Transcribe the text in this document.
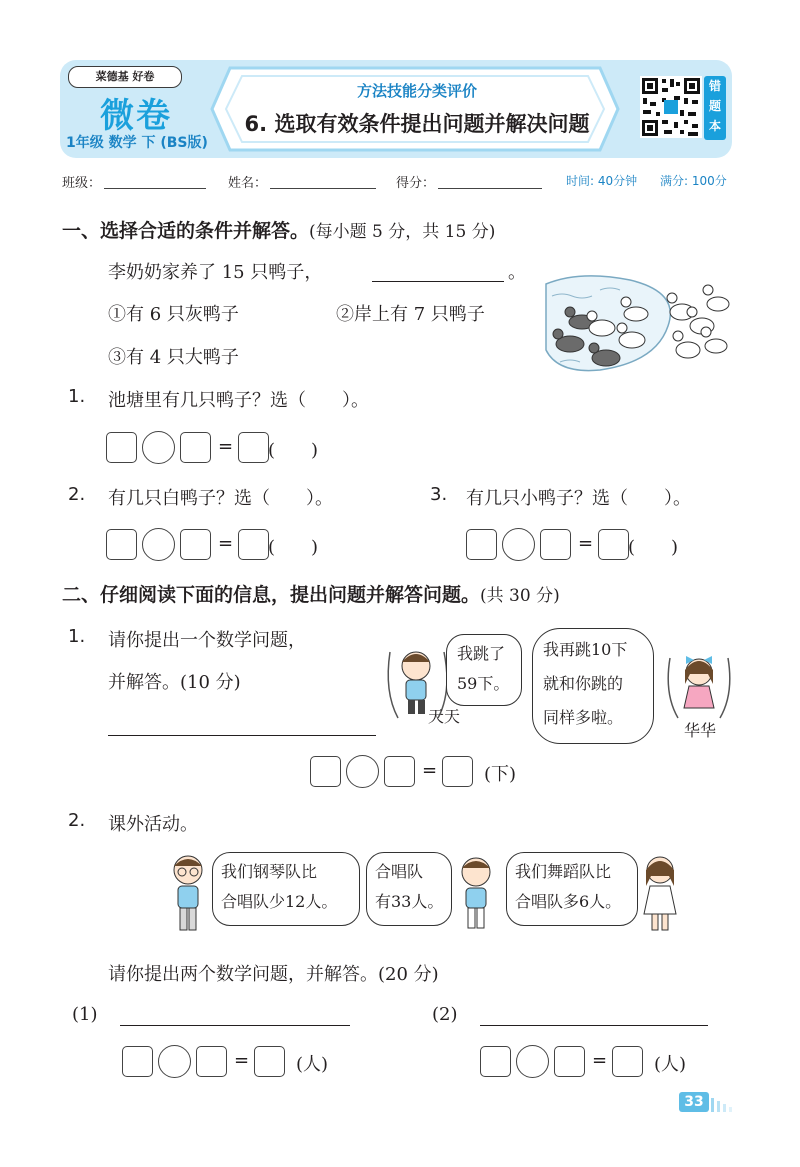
菜德基 好卷
微卷
1年级 数学 下 (BS版)
方法技能分类评价
6. 选取有效条件提出问题并解决问题
错
题
本
班级：	姓名：	得分：	时间: 40分钟 满分: 100分
一、选择合适的条件并解答。(每小题 5 分，共 15 分)
李奶奶家养了 15 只鸭子，	。
①有 6 只灰鸭子	②岸上有 7 只鸭子
③有 4 只大鸭子
1. 池塘里有几只鸭子？选（　　）。
= (　　)
2. 有几只白鸭子？选（　　）。	3. 有几只小鸭子？选（　　）。
= (　　)	= (　　)
二、仔细阅读下面的信息，提出问题并解答问题。(共 30 分)
1. 请你提出一个数学问题，
并解答。(10 分)
我跳了
59下。
天天
我再跳10下
就和你跳的
同样多啦。
华华
=	(下)
2. 课外活动。
我们钢琴队比
合唱队少12人。
合唱队
有33人。
我们舞蹈队比
合唱队多6人。
请你提出两个数学问题，并解答。(20 分)
(1)	(2)
=	(人)	=	(人)
33
